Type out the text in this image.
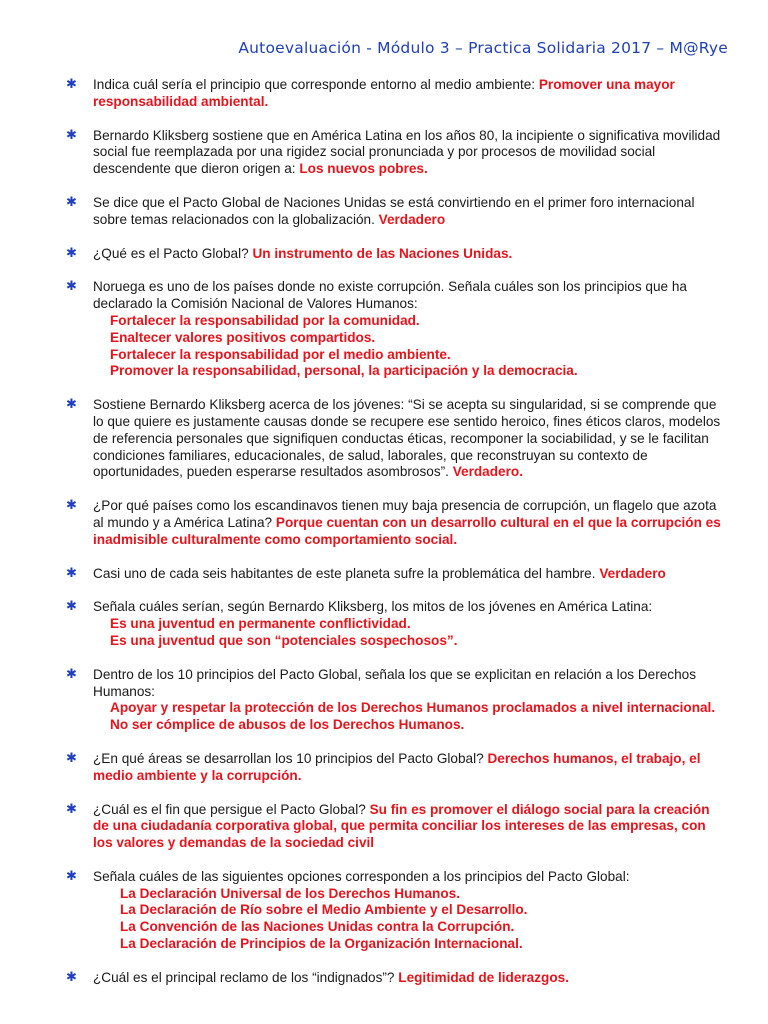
Autoevaluación - Módulo 3 – Practica Solidaria 2017 – M@Rye
✱ Indica cuál sería el principio que corresponde entorno al medio ambiente: Promover una mayor responsabilidad ambiental.
✱ Bernardo Kliksberg sostiene que en América Latina en los años 80, la incipiente o significativa movilidad social fue reemplazada por una rigidez social pronunciada y por procesos de movilidad social descendente que dieron origen a: Los nuevos pobres.
✱ Se dice que el Pacto Global de Naciones Unidas se está convirtiendo en el primer foro internacional sobre temas relacionados con la globalización. Verdadero
✱ ¿Qué es el Pacto Global? Un instrumento de las Naciones Unidas.
✱ Noruega es uno de los países donde no existe corrupción. Señala cuáles son los principios que ha declarado la Comisión Nacional de Valores Humanos:
Fortalecer la responsabilidad por la comunidad.
Enaltecer valores positivos compartidos.
Fortalecer la responsabilidad por el medio ambiente.
Promover la responsabilidad, personal, la participación y la democracia.
✱ Sostiene Bernardo Kliksberg acerca de los jóvenes: “Si se acepta su singularidad, si se comprende que lo que quiere es justamente causas donde se recupere ese sentido heroico, fines éticos claros, modelos de referencia personales que signifiquen conductas éticas, recomponer la sociabilidad, y se le facilitan condiciones familiares, educacionales, de salud, laborales, que reconstruyan su contexto de oportunidades, pueden esperarse resultados asombrosos”. Verdadero.
✱ ¿Por qué países como los escandinavos tienen muy baja presencia de corrupción, un flagelo que azota al mundo y a América Latina? Porque cuentan con un desarrollo cultural en el que la corrupción es inadmisible culturalmente como comportamiento social.
✱ Casi uno de cada seis habitantes de este planeta sufre la problemática del hambre. Verdadero
✱ Señala cuáles serían, según Bernardo Kliksberg, los mitos de los jóvenes en América Latina:
Es una juventud en permanente conflictividad.
Es una juventud que son “potenciales sospechosos”.
✱ Dentro de los 10 principios del Pacto Global, señala los que se explicitan en relación a los Derechos Humanos:
Apoyar y respetar la protección de los Derechos Humanos proclamados a nivel internacional.
No ser cómplice de abusos de los Derechos Humanos.
✱ ¿En qué áreas se desarrollan los 10 principios del Pacto Global? Derechos humanos, el trabajo, el medio ambiente y la corrupción.
✱ ¿Cuál es el fin que persigue el Pacto Global? Su fin es promover el diálogo social para la creación de una ciudadanía corporativa global, que permita conciliar los intereses de las empresas, con los valores y demandas de la sociedad civil
✱ Señala cuáles de las siguientes opciones corresponden a los principios del Pacto Global:
La Declaración Universal de los Derechos Humanos.
La Declaración de Río sobre el Medio Ambiente y el Desarrollo.
La Convención de las Naciones Unidas contra la Corrupción.
La Declaración de Principios de la Organización Internacional.
✱ ¿Cuál es el principal reclamo de los “indignados”? Legitimidad de liderazgos.
